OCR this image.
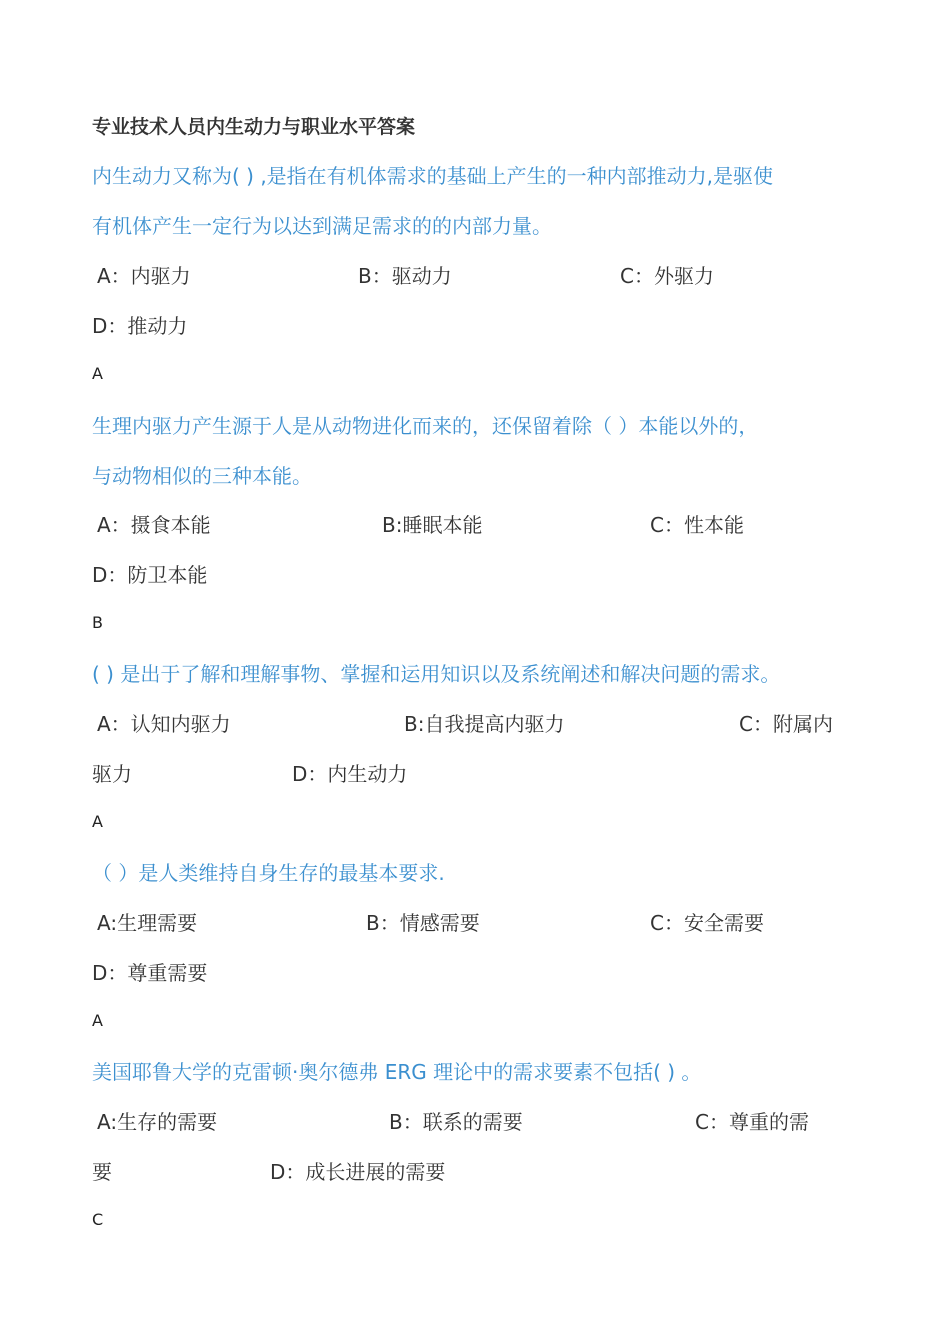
专业技术人员内生动力与职业水平答案
内生动力又称为( ) ,是指在有机体需求的基础上产生的一种内部推动力,是驱使
有机体产生一定行为以达到满足需求的的内部力量。
A：内驱力	B：驱动力	C：外驱力
D：推动力
A
生理内驱力产生源于人是从动物进化而来的，还保留着除（ ）本能以外的，
与动物相似的三种本能。
A：摄食本能	B:睡眠本能	C：性本能
D：防卫本能
B
( ) 是出于了解和理解事物、掌握和运用知识以及系统阐述和解决问题的需求。
A：认知内驱力	B:自我提高内驱力	C：附属内
驱力	D：内生动力
A
（ ）是人类维持自身生存的最基本要求.
A:生理需要	B：情感需要	C：安全需要
D：尊重需要
A
美国耶鲁大学的克雷顿·奥尔德弗 ERG 理论中的需求要素不包括( ) 。
A:生存的需要	B：联系的需要	C：尊重的需
要	D：成长进展的需要
C
